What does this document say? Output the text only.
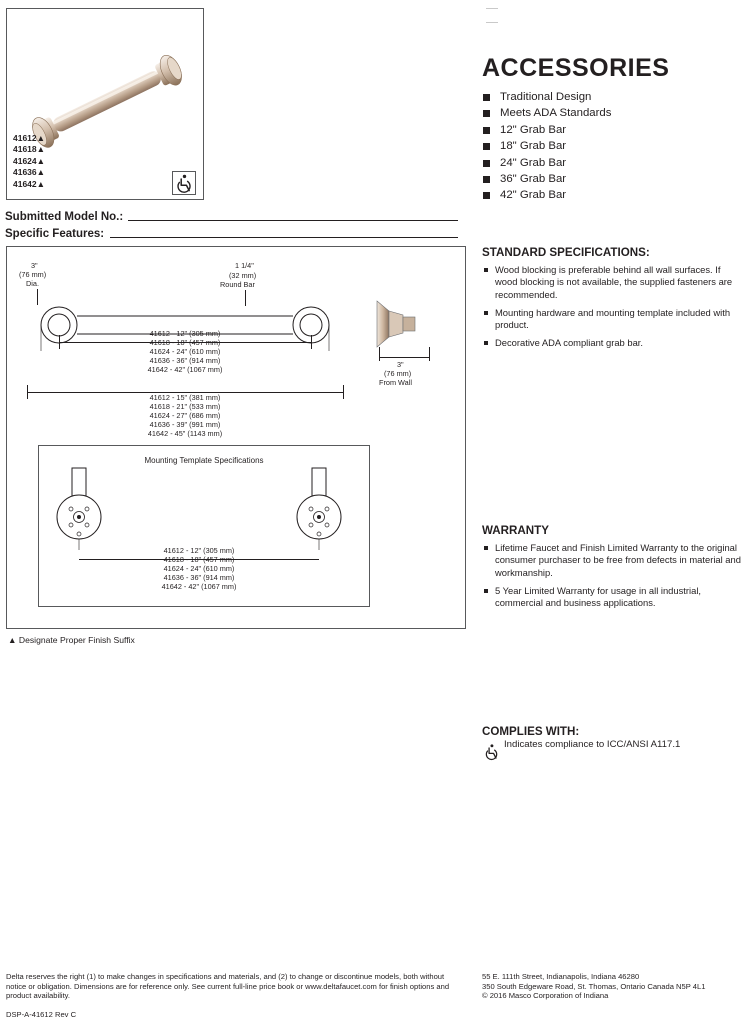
41612▲
41618▲
41624▲
41636▲
41642▲
Submitted Model No.:
Specific Features:
3"
(76 mm)
Dia.
1 1/4"
(32 mm)
Round Bar
3"
(76 mm)
From Wall
41612 - 12" (305 mm)
41618 - 18" (457 mm)
41624 - 24" (610 mm)
41636 - 36" (914 mm)
41642 - 42" (1067 mm)
41612 - 15" (381 mm)
41618 - 21" (533 mm)
41624 - 27" (686 mm)
41636 - 39" (991 mm)
41642 - 45" (1143 mm)
Mounting Template Specifications
41612 - 12" (305 mm)
41618 - 18" (457 mm)
41624 - 24" (610 mm)
41636 - 36" (914 mm)
41642 - 42" (1067 mm)
▲ Designate Proper Finish Suffix
ACCESSORIES
Traditional Design
Meets ADA Standards
12" Grab Bar
18" Grab Bar
24" Grab Bar
36" Grab Bar
42" Grab Bar
STANDARD SPECIFICATIONS:
Wood blocking is preferable behind all wall surfaces. If wood blocking is not available, the supplied fasteners are recommended.
Mounting hardware and mounting template included with product.
Decorative ADA compliant grab bar.
WARRANTY
Lifetime Faucet and Finish Limited Warranty to the original consumer purchaser to be free from defects in material and workmanship.
5 Year Limited Warranty for usage in all industrial, commercial and business applications.
COMPLIES WITH:
Indicates compliance to ICC/ANSI A117.1
Delta reserves the right (1) to make changes in specifications and materials, and (2) to change or discontinue models, both without notice or obligation. Dimensions are for reference only. See current full-line price book or www.deltafaucet.com for finish options and product availability.
DSP-A-41612 Rev C
55 E. 111th Street, Indianapolis, Indiana 46280
350 South Edgeware Road, St. Thomas, Ontario Canada N5P 4L1
© 2016 Masco Corporation of Indiana
